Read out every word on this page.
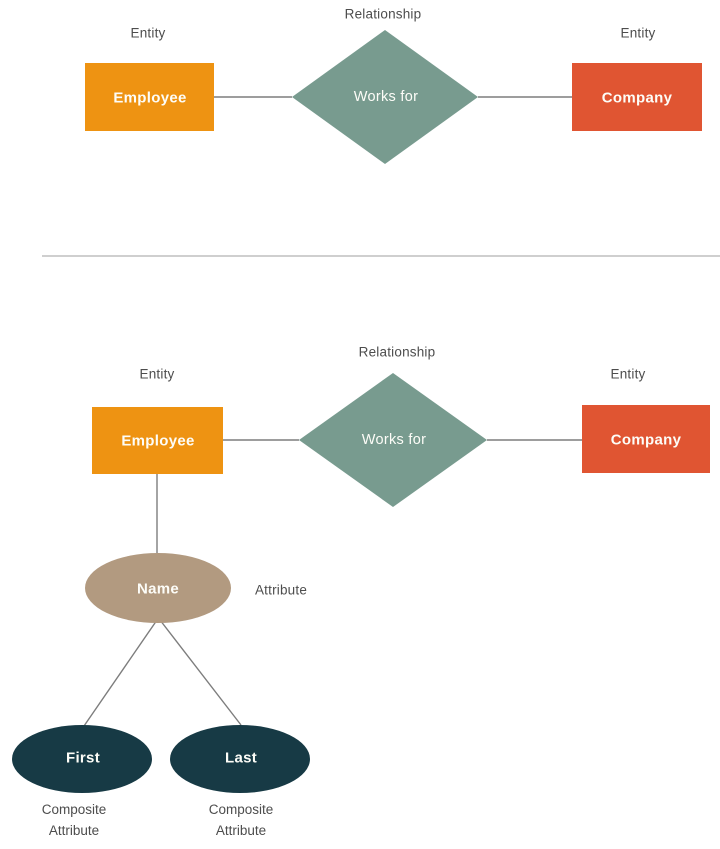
Relationship
Entity	Entity
Employee	Works for	Company
Relationship
Entity	Entity
Employee	Works for	Company
Name	Attribute
First	Last
Composite
Attribute
Composite
Attribute
